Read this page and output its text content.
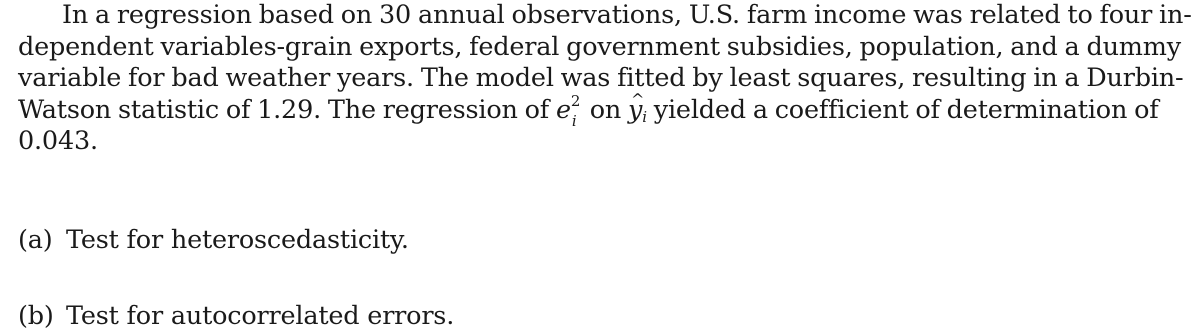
In a regression based on 30 annual observations, U.S. farm income was related to four in-
dependent variables-grain exports, federal government subsidies, population, and a dummy
variable for bad weather years. The model was fitted by least squares, resulting in a Durbin-
Watson statistic of 1.29. The regression of e 2
i on ^ yi yielded a coefficient of determination of
0.043.
(a) Test for heteroscedasticity.
(b) Test for autocorrelated errors.
